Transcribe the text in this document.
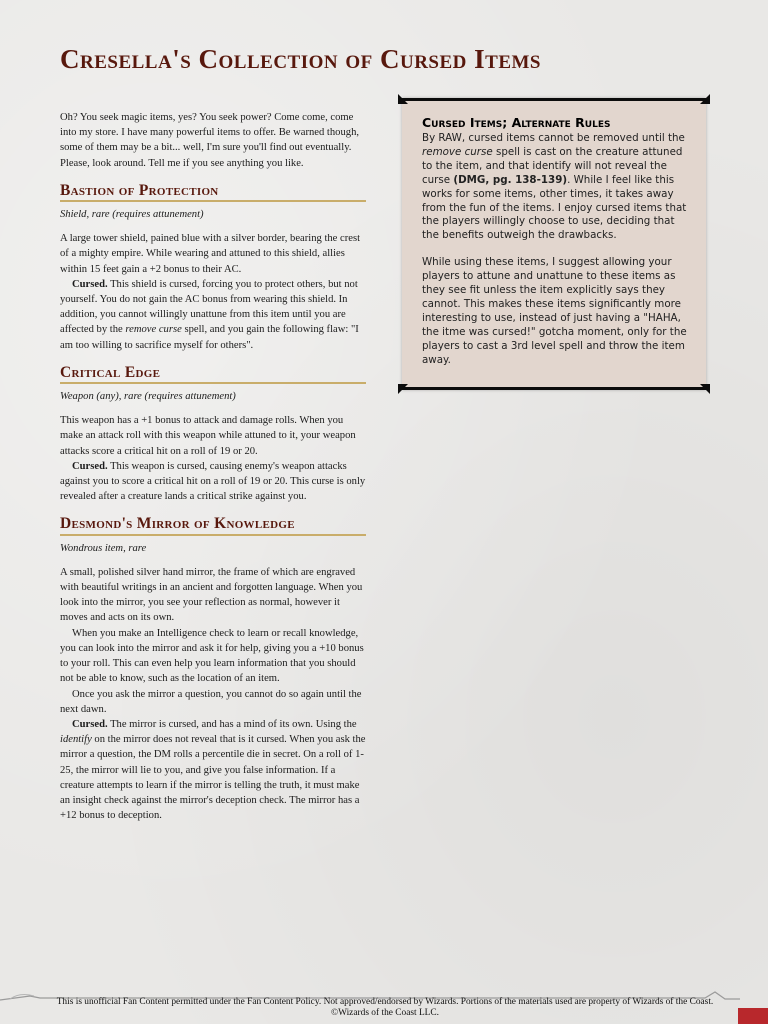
Cresella's Collection of Cursed Items

Oh? You seek magic items, yes? You seek power? Come come, come into my store. I have many powerful items to offer. Be warned though, some of them may be a bit... well, I'm sure you'll find out eventually. Please, look around. Tell me if you see anything you like.

Bastion of Protection

Shield, rare (requires attunement)

A large tower shield, pained blue with a silver border, bearing the crest of a mighty empire. While wearing and attuned to this shield, allies within 15 feet gain a +2 bonus to their AC.

Cursed. This shield is cursed, forcing you to protect others, but not yourself. You do not gain the AC bonus from wearing this shield. In addition, you cannot willingly unattune from this item until you are affected by the remove curse spell, and you gain the following flaw: "I am too willing to sacrifice myself for others".

Critical Edge

Weapon (any), rare (requires attunement)

This weapon has a +1 bonus to attack and damage rolls. When you make an attack roll with this weapon while attuned to it, your weapon attacks score a critical hit on a roll of 19 or 20.

Cursed. This weapon is cursed, causing enemy's weapon attacks against you to score a critical hit on a roll of 19 or 20. This curse is only revealed after a creature lands a critical strike against you.

Desmond's Mirror of Knowledge

Wondrous item, rare

A small, polished silver hand mirror, the frame of which are engraved with beautiful writings in an ancient and forgotten language. When you look into the mirror, you see your reflection as normal, however it moves and acts on its own.

When you make an Intelligence check to learn or recall knowledge, you can look into the mirror and ask it for help, giving you a +10 bonus to your roll. This can even help you learn information that you should not be able to know, such as the location of an item.

Once you ask the mirror a question, you cannot do so again until the next dawn.

Cursed. The mirror is cursed, and has a mind of its own. Using the identify on the mirror does not reveal that is it cursed. When you ask the mirror a question, the DM rolls a percentile die in secret. On a roll of 1-25, the mirror will lie to you, and give you false information. If a creature attempts to learn if the mirror is telling the truth, it must make an insight check against the mirror's deception check. The mirror has a +12 bonus to deception.

Cursed Items; Alternate Rules

By RAW, cursed items cannot be removed until the remove curse spell is cast on the creature attuned to the item, and that identify will not reveal the curse (DMG, pg. 138-139). While I feel like this works for some items, other times, it takes away from the fun of the items. I enjoy cursed items that the players willingly choose to use, deciding that the benefits outweigh the drawbacks.

While using these items, I suggest allowing your players to attune and unattune to these items as they see fit unless the item explicitly says they cannot. This makes these items significantly more interesting to use, instead of just having a "HAHA, the itme was cursed!" gotcha moment, only for the players to cast a 3rd level spell and throw the item away.

This is unofficial Fan Content permitted under the Fan Content Policy. Not approved/endorsed by Wizards. Portions of the materials used are property of Wizards of the Coast. ©Wizards of the Coast LLC.
